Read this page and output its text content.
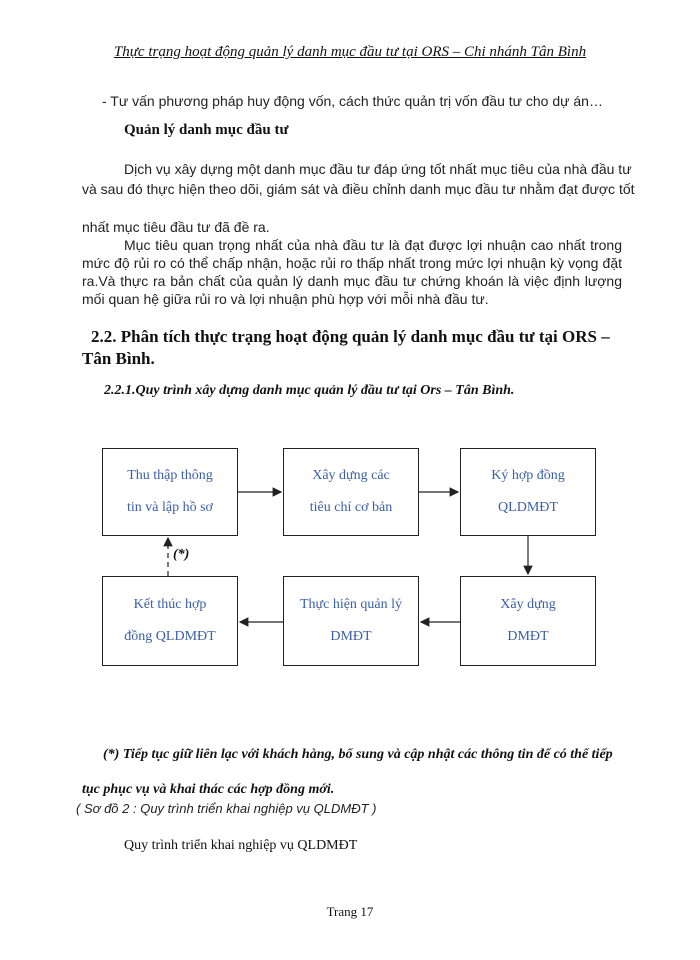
Thực trạng hoạt động quản lý danh mục đầu tư tại ORS – Chi nhánh Tân Bình
- Tư vấn phương pháp huy động vốn, cách thức quản trị vốn đầu tư cho dự án…
Quản lý danh mục đầu tư
Dịch vụ xây dựng một danh mục đầu tư đáp ứng tốt nhất mục tiêu của nhà đầu tư
và sau đó thực hiện theo dõi, giám sát và điều chỉnh danh mục đầu tư nhằm đạt được tốt
nhất mục tiêu đầu tư đã đề ra.
Mục tiêu quan trọng nhất của nhà đầu tư là đạt được lợi nhuận cao nhất trong mức độ rủi ro có thể chấp nhận, hoặc rủi ro thấp nhất trong mức lợi nhuận kỳ vọng đặt ra.Và thực ra bản chất của quản lý danh mục đầu tư chứng khoán là việc định lượng mối quan hệ giữa rủi ro và lợi nhuận phù hợp với mỗi nhà đầu tư.
2.2. Phân tích thực trạng hoạt động quản lý danh mục đầu tư tại ORS – Tân Bình.
2.2.1.Quy trình xây dựng danh mục quản lý đầu tư tại Ors – Tân Bình.
Thu thập thông
tin và lập hồ sơ
Xây dựng các
tiêu chí cơ bản
Ký hợp đồng
QLDMĐT
Xây dựng
DMĐT
Thực hiện quản lý
DMĐT
Kết thúc hợp
đồng QLDMĐT
(*)
(*) Tiếp tục giữ liên lạc với khách hàng, bổ sung và cập nhật các thông tin để có thể tiếp
tục phục vụ và khai thác các hợp đồng mới.
( Sơ đồ 2 : Quy trình triển khai nghiệp vụ QLDMĐT )
Quy trình triển khai nghiệp vụ QLDMĐT
Trang 17
